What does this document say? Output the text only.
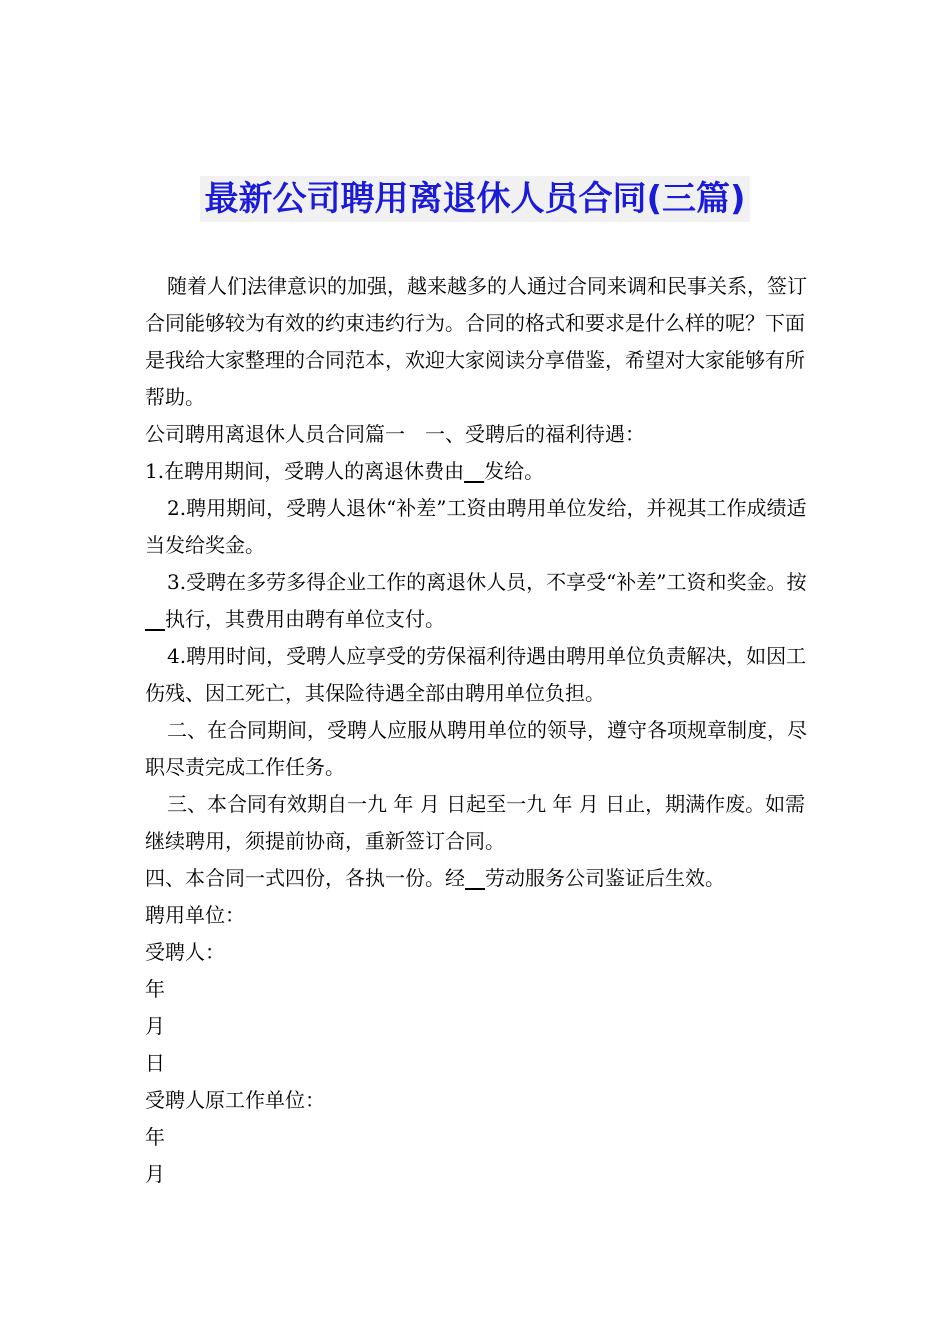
最新公司聘用离退休人员合同(三篇)

随着人们法律意识的加强，越来越多的人通过合同来调和民事关系，签订合同能够较为有效的约束违约行为。合同的格式和要求是什么样的呢？下面是我给大家整理的合同范本，欢迎大家阅读分享借鉴，希望对大家能够有所帮助。

公司聘用离退休人员合同篇一　一、受聘后的福利待遇：

1.在聘用期间，受聘人的离退休费由__发给。

2.聘用期间，受聘人退休“补差”工资由聘用单位发给，并视其工作成绩适当发给奖金。

3.受聘在多劳多得企业工作的离退休人员，不享受“补差”工资和奖金。按__执行，其费用由聘有单位支付。

4.聘用时间，受聘人应享受的劳保福利待遇由聘用单位负责解决，如因工伤残、因工死亡，其保险待遇全部由聘用单位负担。

二、在合同期间，受聘人应服从聘用单位的领导，遵守各项规章制度，尽职尽责完成工作任务。

三、本合同有效期自一九 年 月 日起至一九 年 月 日止，期满作废。如需继续聘用，须提前协商，重新签订合同。

四、本合同一式四份，各执一份。经__劳动服务公司鉴证后生效。

聘用单位：

受聘人：

年

月

日

受聘人原工作单位：

年

月
